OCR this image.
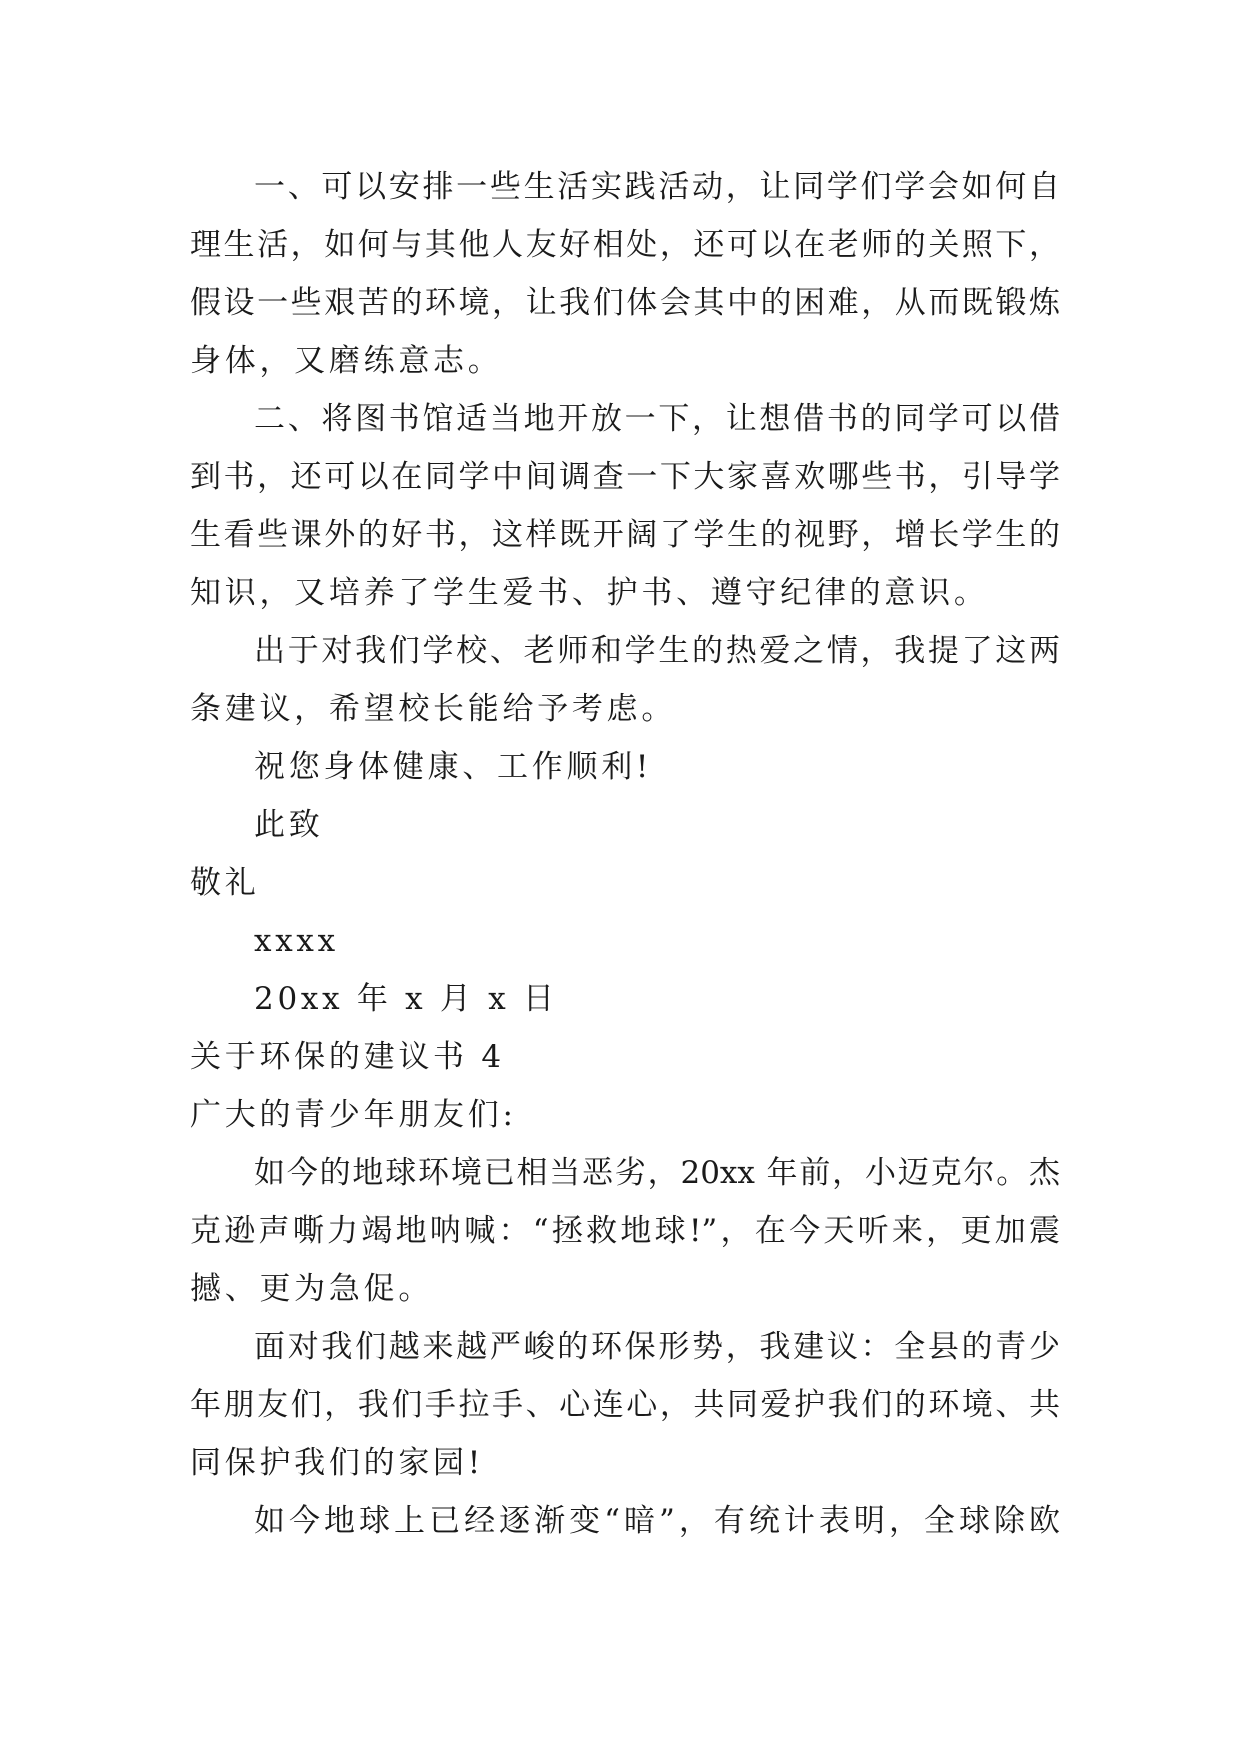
一、可以安排一些生活实践活动，让同学们学会如何自
理生活，如何与其他人友好相处，还可以在老师的关照下，
假设一些艰苦的环境，让我们体会其中的困难，从而既锻炼
身体，又磨练意志。
二、将图书馆适当地开放一下，让想借书的同学可以借
到书，还可以在同学中间调查一下大家喜欢哪些书，引导学
生看些课外的好书，这样既开阔了学生的视野，增长学生的
知识，又培养了学生爱书、护书、遵守纪律的意识。
出于对我们学校、老师和学生的热爱之情，我提了这两
条建议，希望校长能给予考虑。
祝您身体健康、工作顺利!
此致
敬礼
xxxx
20xx 年 x 月 x 日
关于环保的建议书 4
广大的青少年朋友们:
如今的地球环境已相当恶劣，20xx 年前，小迈克尔。杰
克逊声嘶力竭地呐喊：“拯救地球!”，在今天听来，更加震
撼、更为急促。
面对我们越来越严峻的环保形势，我建议：全县的青少
年朋友们，我们手拉手、心连心，共同爱护我们的环境、共
同保护我们的家园!
如今地球上已经逐渐变“暗”，有统计表明，全球除欧
